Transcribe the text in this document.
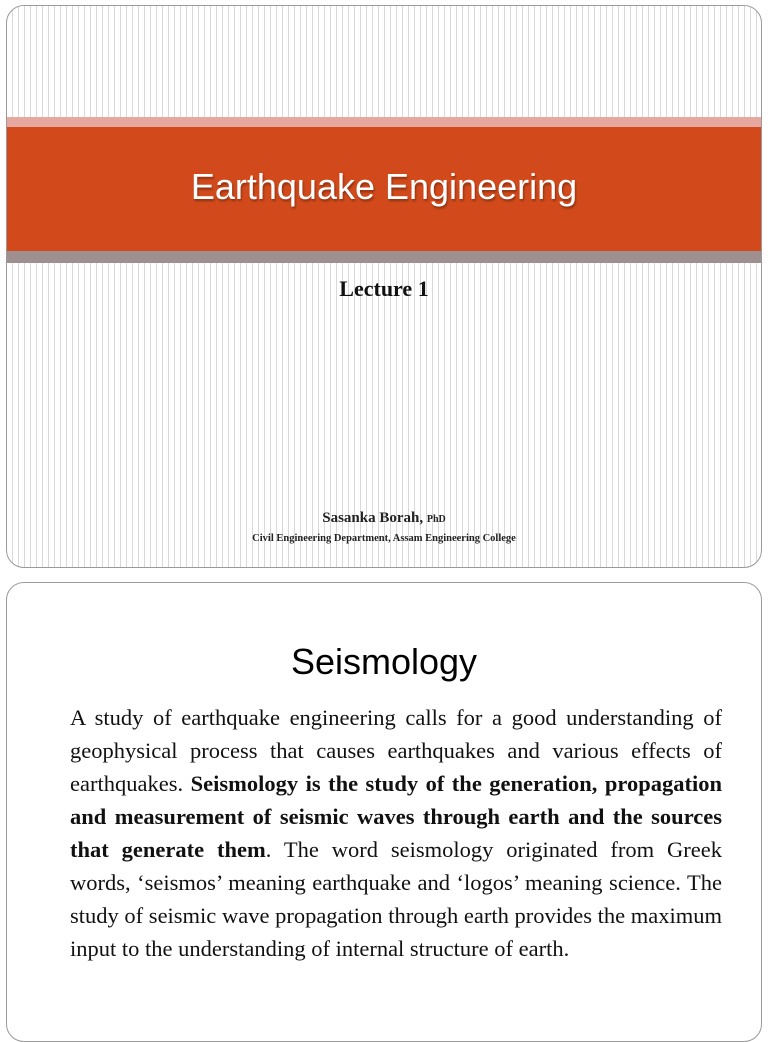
Earthquake Engineering
Lecture 1
Sasanka Borah, PhD
Civil Engineering Department, Assam Engineering College
Seismology

A study of earthquake engineering calls for a good understanding of geophysical process that causes earthquakes and various effects of earthquakes. Seismology is the study of the generation, propagation and measurement of seismic waves through earth and the sources that generate them. The word seismology originated from Greek words, ‘seismos’ meaning earthquake and ‘logos’ meaning science. The study of seismic wave propagation through earth provides the maximum input to the understanding of internal structure of earth.
